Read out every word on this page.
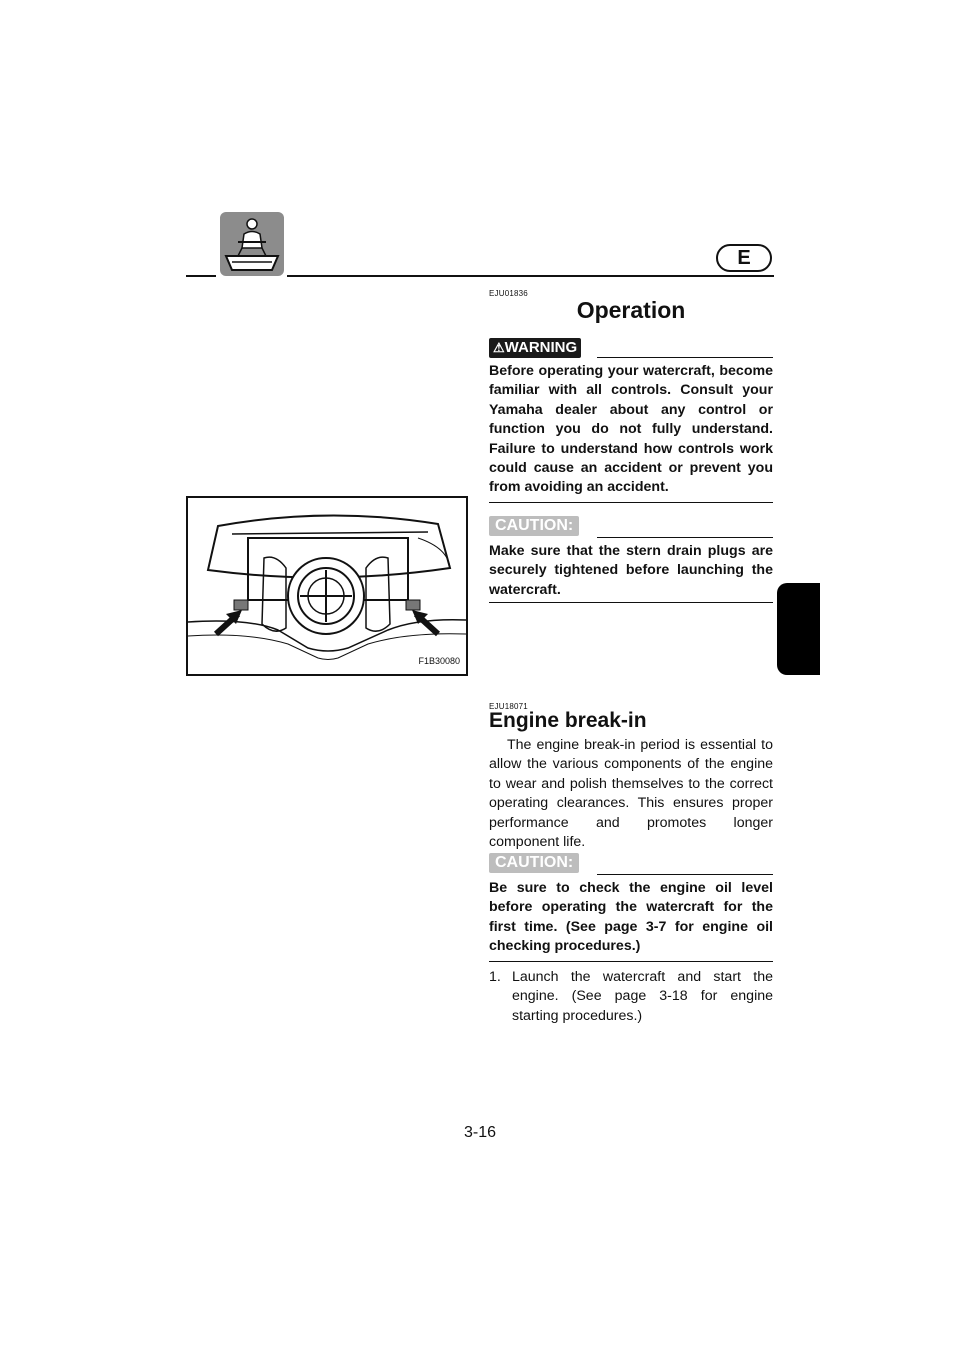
E
EJU01836
Operation
⚠WARNING
Before operating your watercraft, become familiar with all controls. Consult your Yamaha dealer about any control or function you do not fully understand. Failure to understand how controls work could cause an accident or prevent you from avoiding an accident.
CAUTION:
Make sure that the stern drain plugs are securely tightened before launching the watercraft.
F1B30080
EJU18071
Engine break-in
The engine break-in period is essential to allow the various components of the engine to wear and polish themselves to the correct operating clearances. This ensures proper performance and promotes longer component life.
CAUTION:
Be sure to check the engine oil level before operating the watercraft for the first time. (See page 3-7 for engine oil checking procedures.)
1. Launch the watercraft and start the engine. (See page 3-18 for engine starting procedures.)
3-16
